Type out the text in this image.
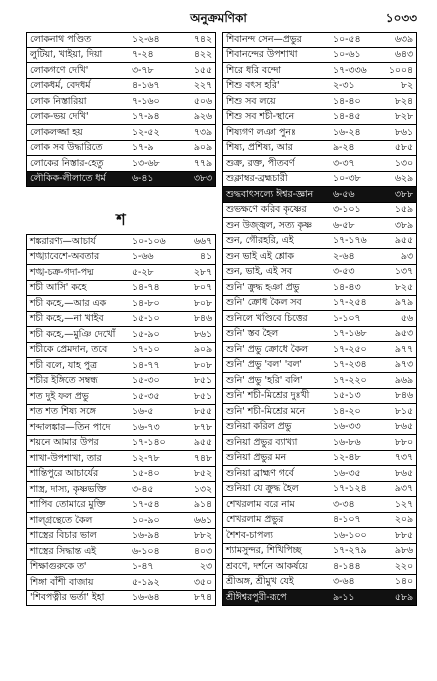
অনুক্রমণিকা	১০৩৩
লোকনাথ পণ্ডিত	১২-৬৪	৭৪২
লুটিয়া, খাইয়া, দিয়া	৭-২৪	৪২২
লোকগণে দেখি'	৩-৭৮	১৫৫
লোকধর্ম, বেদধর্ম	৪-১৬৭	২২৭
লোক নিস্তারিয়া	৭-১৬০	৫০৬
লোক-ভয় দেখি'	১৭-৯৪	৯২৬
লোকলজ্জা হয়	১২-৫২	৭৩৯
লোক সব উদ্ধারিতে	১৭-৯	৯০৯
লোকের নিস্তার-হেতু	১৩-৬৮	৭৭৯
লৌকিক-লীলাতে ধর্ম	৬-৪১	৩৮৩
শ
শঙ্করারণ্য—আচার্য	১০-১০৬	৬৬৭
শঙ্খ্যাবেশে-অবতার	১-৬৬	৪১
শঙ্খ-চক্র-গদা-পদ্ম	৫-২৮	২৮৭
শচী আসি' কহে	১৪-৭৪	৮০৭
শচী কহে,—আর এক	১৪-৮০	৮০৮
শচী কহে,—না খাইব	১৫-১০	৮৪৬
শচী কহে,—মুঞি দেখোঁ	১৫-৯০	৮৬১
শচীকে প্রেমদান, তবে	১৭-১০	৯০৯
শচী বলে, যাহ পুত্র	১৪-৭৭	৮০৮
শচীর ইঙ্গিতে সম্বন্ধ	১৫-৩০	৮৫১
শত দুই ফল প্রভু	১৫-৩৫	৮৫১
শত শত শিষ্য সঙ্গে	১৬-৫	৮৫৫
শব্দালঙ্কার—তিন পাদে	১৬-৭৩	৮৭৮
শয়নে আমার উপর	১৭-১৪০	৯৫৫
শাখা-উপশাখা, তার	১২-৭৮	৭৪৮
শান্তিপুরে আচার্যের	১৫-৪০	৮৫২
শাস্ত্র, দাস্য, কৃষ্ণভক্তি	৩-৪৫	১৩২
শাপিব তোমারে মুক্তি	১৭-৫৪	৯১৪
শাল্গ্রন্থেতে কৈল	১০-৯০	৬৬১
শাস্ত্রের বিচার ভাল	১৬-৯৪	৮৮২
শাস্ত্রের সিদ্ধান্ত এই	৬-১০৪	৪০৩
শিক্ষাগুরুকে ত'	১-৪৭	২৩
শিঙ্গা বাঁশী বাজায়	৫-১৯২	৩৫০
'শিবপত্নীর ভর্তা' ইহা	১৬-৬৪	৮৭৪
শিবানন্দ সেন—প্রভুর	১০-৫৪	৬৩৯
শিবানন্দের উপশাখা	১০-৬১	৬৪৩
শিরে ধরি বন্দো	১৭-৩৩৬	১০০৪
শিশু বৎস হরি'	২-৩১	৮২
শিশু সব লয়ে	১৪-৪০	৮২৪
শিশু সব শচী-স্থানে	১৪-৪৫	৮২৮
শিষ্যগণ লঞা পুনঃ	১৬-২৪	৮৬১
শিষ্য, প্রশিষ্য, আর	৯-২৪	৫৮৫
শুক্র, রক্ত, পীতবর্ণ	৩-৩৭	১৩০
শুক্লাম্বর-ব্রহ্মচারী	১০-৩৮	৬২৯
শুদ্ধবাৎসল্যে ঈশ্বর-জ্ঞান	৬-৫৬	৩৮৮
শুভক্ষণে করিব কৃষ্ণের	৩-১০১	১৫৯
শুন উজ্জ্বল, সত্য কৃষ্ণ	৬-৫৮	৩৮৯
শুন, গৌরহরি, এই	১৭-১৭৬	৯৫৫
শুন ভাই এই শ্লোক	২-৬৪	৯৩
শুন, ভাই, এই সব	৩-৫৩	১৩৭
শুনি' ক্রুদ্ধ হঞা প্রভু	১৪-৪৩	৮২৫
শুনি' ক্রোধ কৈল সব	১৭-২৫৪	৯৭৯
শুনিলে খণ্ডিবে চিত্তের	১-১০৭	৫৬
শুনি' স্তব হৈল	১৭-১৬৮	৯৫৩
শুনি' প্রভু ক্রোধে কৈল	১৭-২৫০	৯৭৭
শুনি' প্রভু 'বল' 'বল'	১৭-২৩৪	৯৭৩
শুনি' প্রভু 'হরি' বলি'	১৭-২২০	৯৬৯
শুনি' শচী-মিশ্রের দুঃখী	১৫-১৩	৮৪৬
শুনি' শচী-মিশ্রের মনে	১৪-২০	৮১৫
শুনিয়া করিল প্রভু	১৬-৩৩	৮৬৫
শুনিয়া প্রভুর ব্যাখ্যা	১৬-৮৬	৮৮০
শুনিয়া প্রভুর মন	১২-৪৮	৭৩৭
শুনিয়া ব্রাহ্মণ গর্বে	১৬-৩৫	৮৬৫
শুনিয়া যে ক্রুদ্ধ হৈল	১৭-১২৪	৯৩৭
শেখরলাম বরে নাম	৩-৩৪	১২৭
শেখরলাম প্রভুর	৪-১০৭	২০৯
শৈশব-চাপল্য	১৬-১০০	৮৮৫
শ্যামসুন্দর, শিখিপিচ্ছ	১৭-২৭৯	৯৮৬
শ্রবণে, দর্শনে আকর্ষয়ে	৪-১৪৪	২২০
শ্রীঅঙ্গ, শ্রীমুখ যেই	৩-৬৪	১৪০
শ্রীঈশ্বরপুরী-রূপে	৯-১১	৫৮৯
